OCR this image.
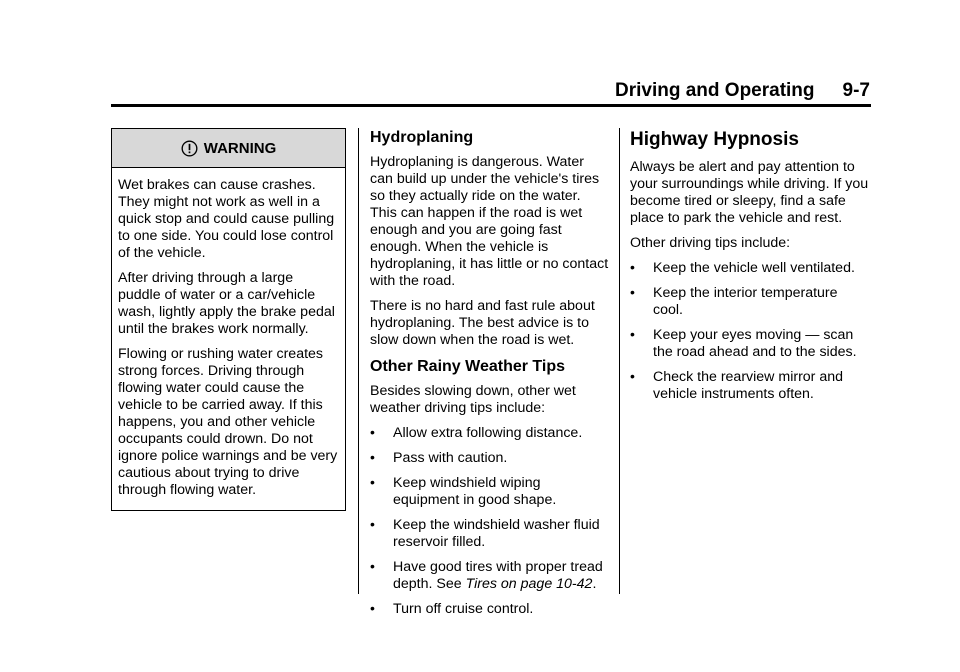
Driving and Operating 9-7
WARNING

Wet brakes can cause crashes. They might not work as well in a quick stop and could cause pulling to one side. You could lose control of the vehicle.

After driving through a large puddle of water or a car/vehicle wash, lightly apply the brake pedal until the brakes work normally.

Flowing or rushing water creates strong forces. Driving through flowing water could cause the vehicle to be carried away. If this happens, you and other vehicle occupants could drown. Do not ignore police warnings and be very cautious about trying to drive through flowing water.

Hydroplaning

Hydroplaning is dangerous. Water can build up under the vehicle's tires so they actually ride on the water. This can happen if the road is wet enough and you are going fast enough. When the vehicle is hydroplaning, it has little or no contact with the road.

There is no hard and fast rule about hydroplaning. The best advice is to slow down when the road is wet.

Other Rainy Weather Tips

Besides slowing down, other wet weather driving tips include:

• Allow extra following distance.
• Pass with caution.
• Keep windshield wiping equipment in good shape.
• Keep the windshield washer fluid reservoir filled.
• Have good tires with proper tread depth. See Tires on page 10-42.
• Turn off cruise control.
Highway Hypnosis

Always be alert and pay attention to your surroundings while driving. If you become tired or sleepy, find a safe place to park the vehicle and rest.

Other driving tips include:

• Keep the vehicle well ventilated.
• Keep the interior temperature cool.
• Keep your eyes moving — scan the road ahead and to the sides.
• Check the rearview mirror and vehicle instruments often.
